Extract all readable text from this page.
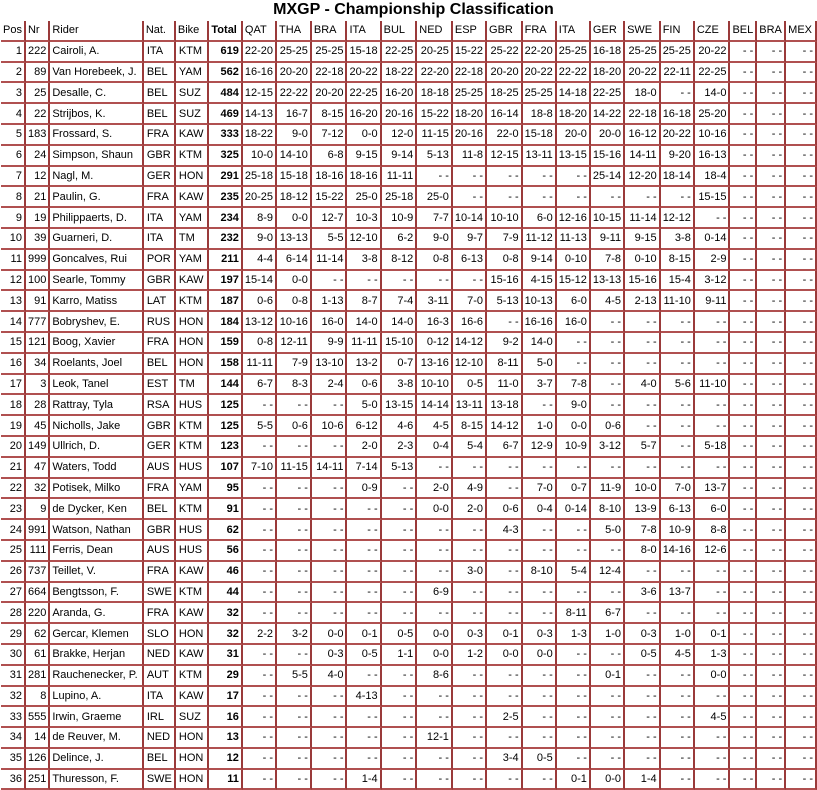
MXGP - Championship Classification
Pos	Nr	Rider	Nat.	Bike	Total	QAT	THA	BRA	ITA	BUL	NED	ESP	GBR	FRA	ITA	GER	SWE	FIN	CZE	BEL	BRA	MEX
1	222	Cairoli, A.	ITA	KTM	619	22-20	25-25	25-25	15-18	22-25	20-25	15-22	25-22	22-20	25-25	16-18	25-25	25-25	20-22	- -	- -	- -
2	89	Van Horebeek, J.	BEL	YAM	562	16-16	20-20	22-18	20-22	18-22	22-20	22-18	20-20	20-22	22-22	18-20	20-22	22-11	22-25	- -	- -	- -
3	25	Desalle, C.	BEL	SUZ	484	12-15	22-22	20-20	22-25	16-20	18-18	25-25	18-25	25-25	14-18	22-25	18-0	- -	14-0	- -	- -	- -
4	22	Strijbos, K.	BEL	SUZ	469	14-13	16-7	8-15	16-20	20-16	15-22	18-20	16-14	18-8	18-20	14-22	22-18	16-18	25-20	- -	- -	- -
5	183	Frossard, S.	FRA	KAW	333	18-22	9-0	7-12	0-0	12-0	11-15	20-16	22-0	15-18	20-0	20-0	16-12	20-22	10-16	- -	- -	- -
6	24	Simpson, Shaun	GBR	KTM	325	10-0	14-10	6-8	9-15	9-14	5-13	11-8	12-15	13-11	13-15	15-16	14-11	9-20	16-13	- -	- -	- -
7	12	Nagl, M.	GER	HON	291	25-18	15-18	18-16	18-16	11-11	- -	- -	- -	- -	- -	25-14	12-20	18-14	18-4	- -	- -	- -
8	21	Paulin, G.	FRA	KAW	235	20-25	18-12	15-22	25-0	25-18	25-0	- -	- -	- -	- -	- -	- -	- -	15-15	- -	- -	- -
9	19	Philippaerts, D.	ITA	YAM	234	8-9	0-0	12-7	10-3	10-9	7-7	10-14	10-10	6-0	12-16	10-15	11-14	12-12	- -	- -	- -	- -
10	39	Guarneri, D.	ITA	TM	232	9-0	13-13	5-5	12-10	6-2	9-0	9-7	7-9	11-12	11-13	9-11	9-15	3-8	0-14	- -	- -	- -
11	999	Goncalves, Rui	POR	YAM	211	4-4	6-14	11-14	3-8	8-12	0-8	6-13	0-8	9-14	0-10	7-8	0-10	8-15	2-9	- -	- -	- -
12	100	Searle, Tommy	GBR	KAW	197	15-14	0-0	- -	- -	- -	- -	- -	15-16	4-15	15-12	13-13	15-16	15-4	3-12	- -	- -	- -
13	91	Karro, Matiss	LAT	KTM	187	0-6	0-8	1-13	8-7	7-4	3-11	7-0	5-13	10-13	6-0	4-5	2-13	11-10	9-11	- -	- -	- -
14	777	Bobryshev, E.	RUS	HON	184	13-12	10-16	16-0	14-0	14-0	16-3	16-6	- -	16-16	16-0	- -	- -	- -	- -	- -	- -	- -
15	121	Boog, Xavier	FRA	HON	159	0-8	12-11	9-9	11-11	15-10	0-12	14-12	9-2	14-0	- -	- -	- -	- -	- -	- -	- -	- -
16	34	Roelants, Joel	BEL	HON	158	11-11	7-9	13-10	13-2	0-7	13-16	12-10	8-11	5-0	- -	- -	- -	- -	- -	- -	- -	- -
17	3	Leok, Tanel	EST	TM	144	6-7	8-3	2-4	0-6	3-8	10-10	0-5	11-0	3-7	7-8	- -	4-0	5-6	11-10	- -	- -	- -
18	28	Rattray, Tyla	RSA	HUS	125	- -	- -	- -	5-0	13-15	14-14	13-11	13-18	- -	9-0	- -	- -	- -	- -	- -	- -	- -
19	45	Nicholls, Jake	GBR	KTM	125	5-5	0-6	10-6	6-12	4-6	4-5	8-15	14-12	1-0	0-0	0-6	- -	- -	- -	- -	- -	- -
20	149	Ullrich, D.	GER	KTM	123	- -	- -	- -	2-0	2-3	0-4	5-4	6-7	12-9	10-9	3-12	5-7	- -	5-18	- -	- -	- -
21	47	Waters, Todd	AUS	HUS	107	7-10	11-15	14-11	7-14	5-13	- -	- -	- -	- -	- -	- -	- -	- -	- -	- -	- -	- -
22	32	Potisek, Milko	FRA	YAM	95	- -	- -	- -	0-9	- -	2-0	4-9	- -	7-0	0-7	11-9	10-0	7-0	13-7	- -	- -	- -
23	9	de Dycker, Ken	BEL	KTM	91	- -	- -	- -	- -	- -	0-0	2-0	0-6	0-4	0-14	8-10	13-9	6-13	6-0	- -	- -	- -
24	991	Watson, Nathan	GBR	HUS	62	- -	- -	- -	- -	- -	- -	- -	4-3	- -	- -	5-0	7-8	10-9	8-8	- -	- -	- -
25	111	Ferris, Dean	AUS	HUS	56	- -	- -	- -	- -	- -	- -	- -	- -	- -	- -	- -	8-0	14-16	12-6	- -	- -	- -
26	737	Teillet, V.	FRA	KAW	46	- -	- -	- -	- -	- -	- -	3-0	- -	8-10	5-4	12-4	- -	- -	- -	- -	- -	- -
27	664	Bengtsson, F.	SWE	KTM	44	- -	- -	- -	- -	- -	6-9	- -	- -	- -	- -	- -	3-6	13-7	- -	- -	- -	- -
28	220	Aranda, G.	FRA	KAW	32	- -	- -	- -	- -	- -	- -	- -	- -	- -	8-11	6-7	- -	- -	- -	- -	- -	- -
29	62	Gercar, Klemen	SLO	HON	32	2-2	3-2	0-0	0-1	0-5	0-0	0-3	0-1	0-3	1-3	1-0	0-3	1-0	0-1	- -	- -	- -
30	61	Brakke, Herjan	NED	KAW	31	- -	- -	0-3	0-5	1-1	0-0	1-2	0-0	0-0	- -	- -	0-5	4-5	1-3	- -	- -	- -
31	281	Rauchenecker, P.	AUT	KTM	29	- -	5-5	4-0	- -	- -	8-6	- -	- -	- -	- -	0-1	- -	- -	0-0	- -	- -	- -
32	8	Lupino, A.	ITA	KAW	17	- -	- -	- -	4-13	- -	- -	- -	- -	- -	- -	- -	- -	- -	- -	- -	- -	- -
33	555	Irwin, Graeme	IRL	SUZ	16	- -	- -	- -	- -	- -	- -	- -	2-5	- -	- -	- -	- -	- -	4-5	- -	- -	- -
34	14	de Reuver, M.	NED	HON	13	- -	- -	- -	- -	- -	12-1	- -	- -	- -	- -	- -	- -	- -	- -	- -	- -	- -
35	126	Delince, J.	BEL	HON	12	- -	- -	- -	- -	- -	- -	- -	3-4	0-5	- -	- -	- -	- -	- -	- -	- -	- -
36	251	Thuresson, F.	SWE	HON	11	- -	- -	- -	1-4	- -	- -	- -	- -	- -	0-1	0-0	1-4	- -	- -	- -	- -	- -
